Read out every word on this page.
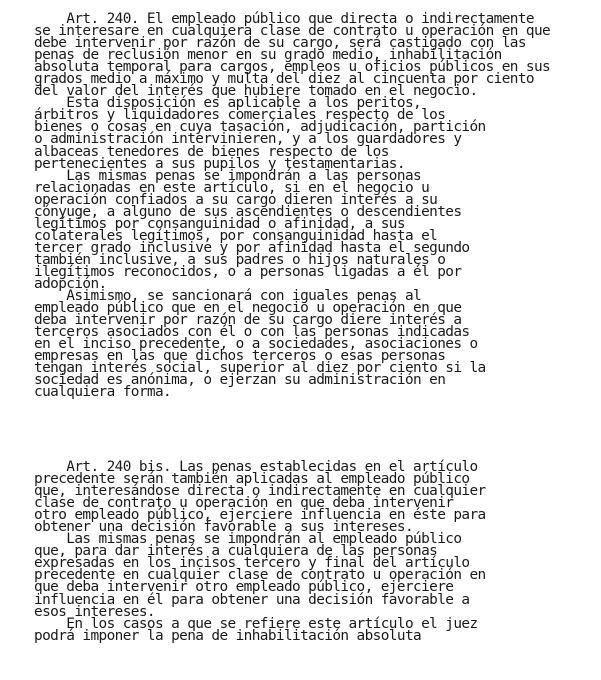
Art. 240. El empleado público que directa o indirectamente
se interesare en cualquiera clase de contrato u operación en que
debe intervenir por razón de su cargo, será castigado con las
penas de reclusión menor en su grado medio, inhabilitación
absoluta temporal para cargos, empleos u oficios públicos en sus
grados medio a máximo y multa del diez al cincuenta por ciento
del valor del interés que hubiere tomado en el negocio.
Esta disposición es aplicable a los peritos,
árbitros y liquidadores comerciales respecto de los
bienes o cosas en cuya tasación, adjudicación, partición
o administración intervinieren, y a los guardadores y
albaceas tenedores de bienes respecto de los
pertenecientes a sus pupilos y testamentarias.
Las mismas penas se impondrán a las personas
relacionadas en este artículo, si en el negocio u
operación confiados a su cargo dieren interés a su
cónyuge, a alguno de sus ascendientes o descendientes
legítimos por consanguinidad o afinidad, a sus
colaterales legítimos, por consanguinidad hasta el
tercer grado inclusive y por afinidad hasta el segundo
también inclusive, a sus padres o hijos naturales o
ilegítimos reconocidos, o a personas ligadas a él por
adopción.
Asimismo, se sancionará con iguales penas al
empleado público que en el negocio u operación en que
deba intervenir por razón de su cargo diere interés a
terceros asociados con él o con las personas indicadas
en el inciso precedente, o a sociedades, asociaciones o
empresas en las que dichos terceros o esas personas
tengan interés social, superior al diez por ciento si la
sociedad es anónima, o ejerzan su administración en
cualquiera forma.
Art. 240 bis. Las penas establecidas en el artículo
precedente serán también aplicadas al empleado público
que, interesándose directa o indirectamente en cualquier
clase de contrato u operación en que deba intervenir
otro empleado público, ejerciere influencia en éste para
obtener una decisión favorable a sus intereses.
Las mismas penas se impondrán al empleado público
que, para dar interés a cualquiera de las personas
expresadas en los incisos tercero y final del artículo
precedente en cualquier clase de contrato u operación en
que deba intervenir otro empleado público, ejerciere
influencia en él para obtener una decisión favorable a
esos intereses.
En los casos a que se refiere este artículo el juez
podrá imponer la pena de inhabilitación absoluta
